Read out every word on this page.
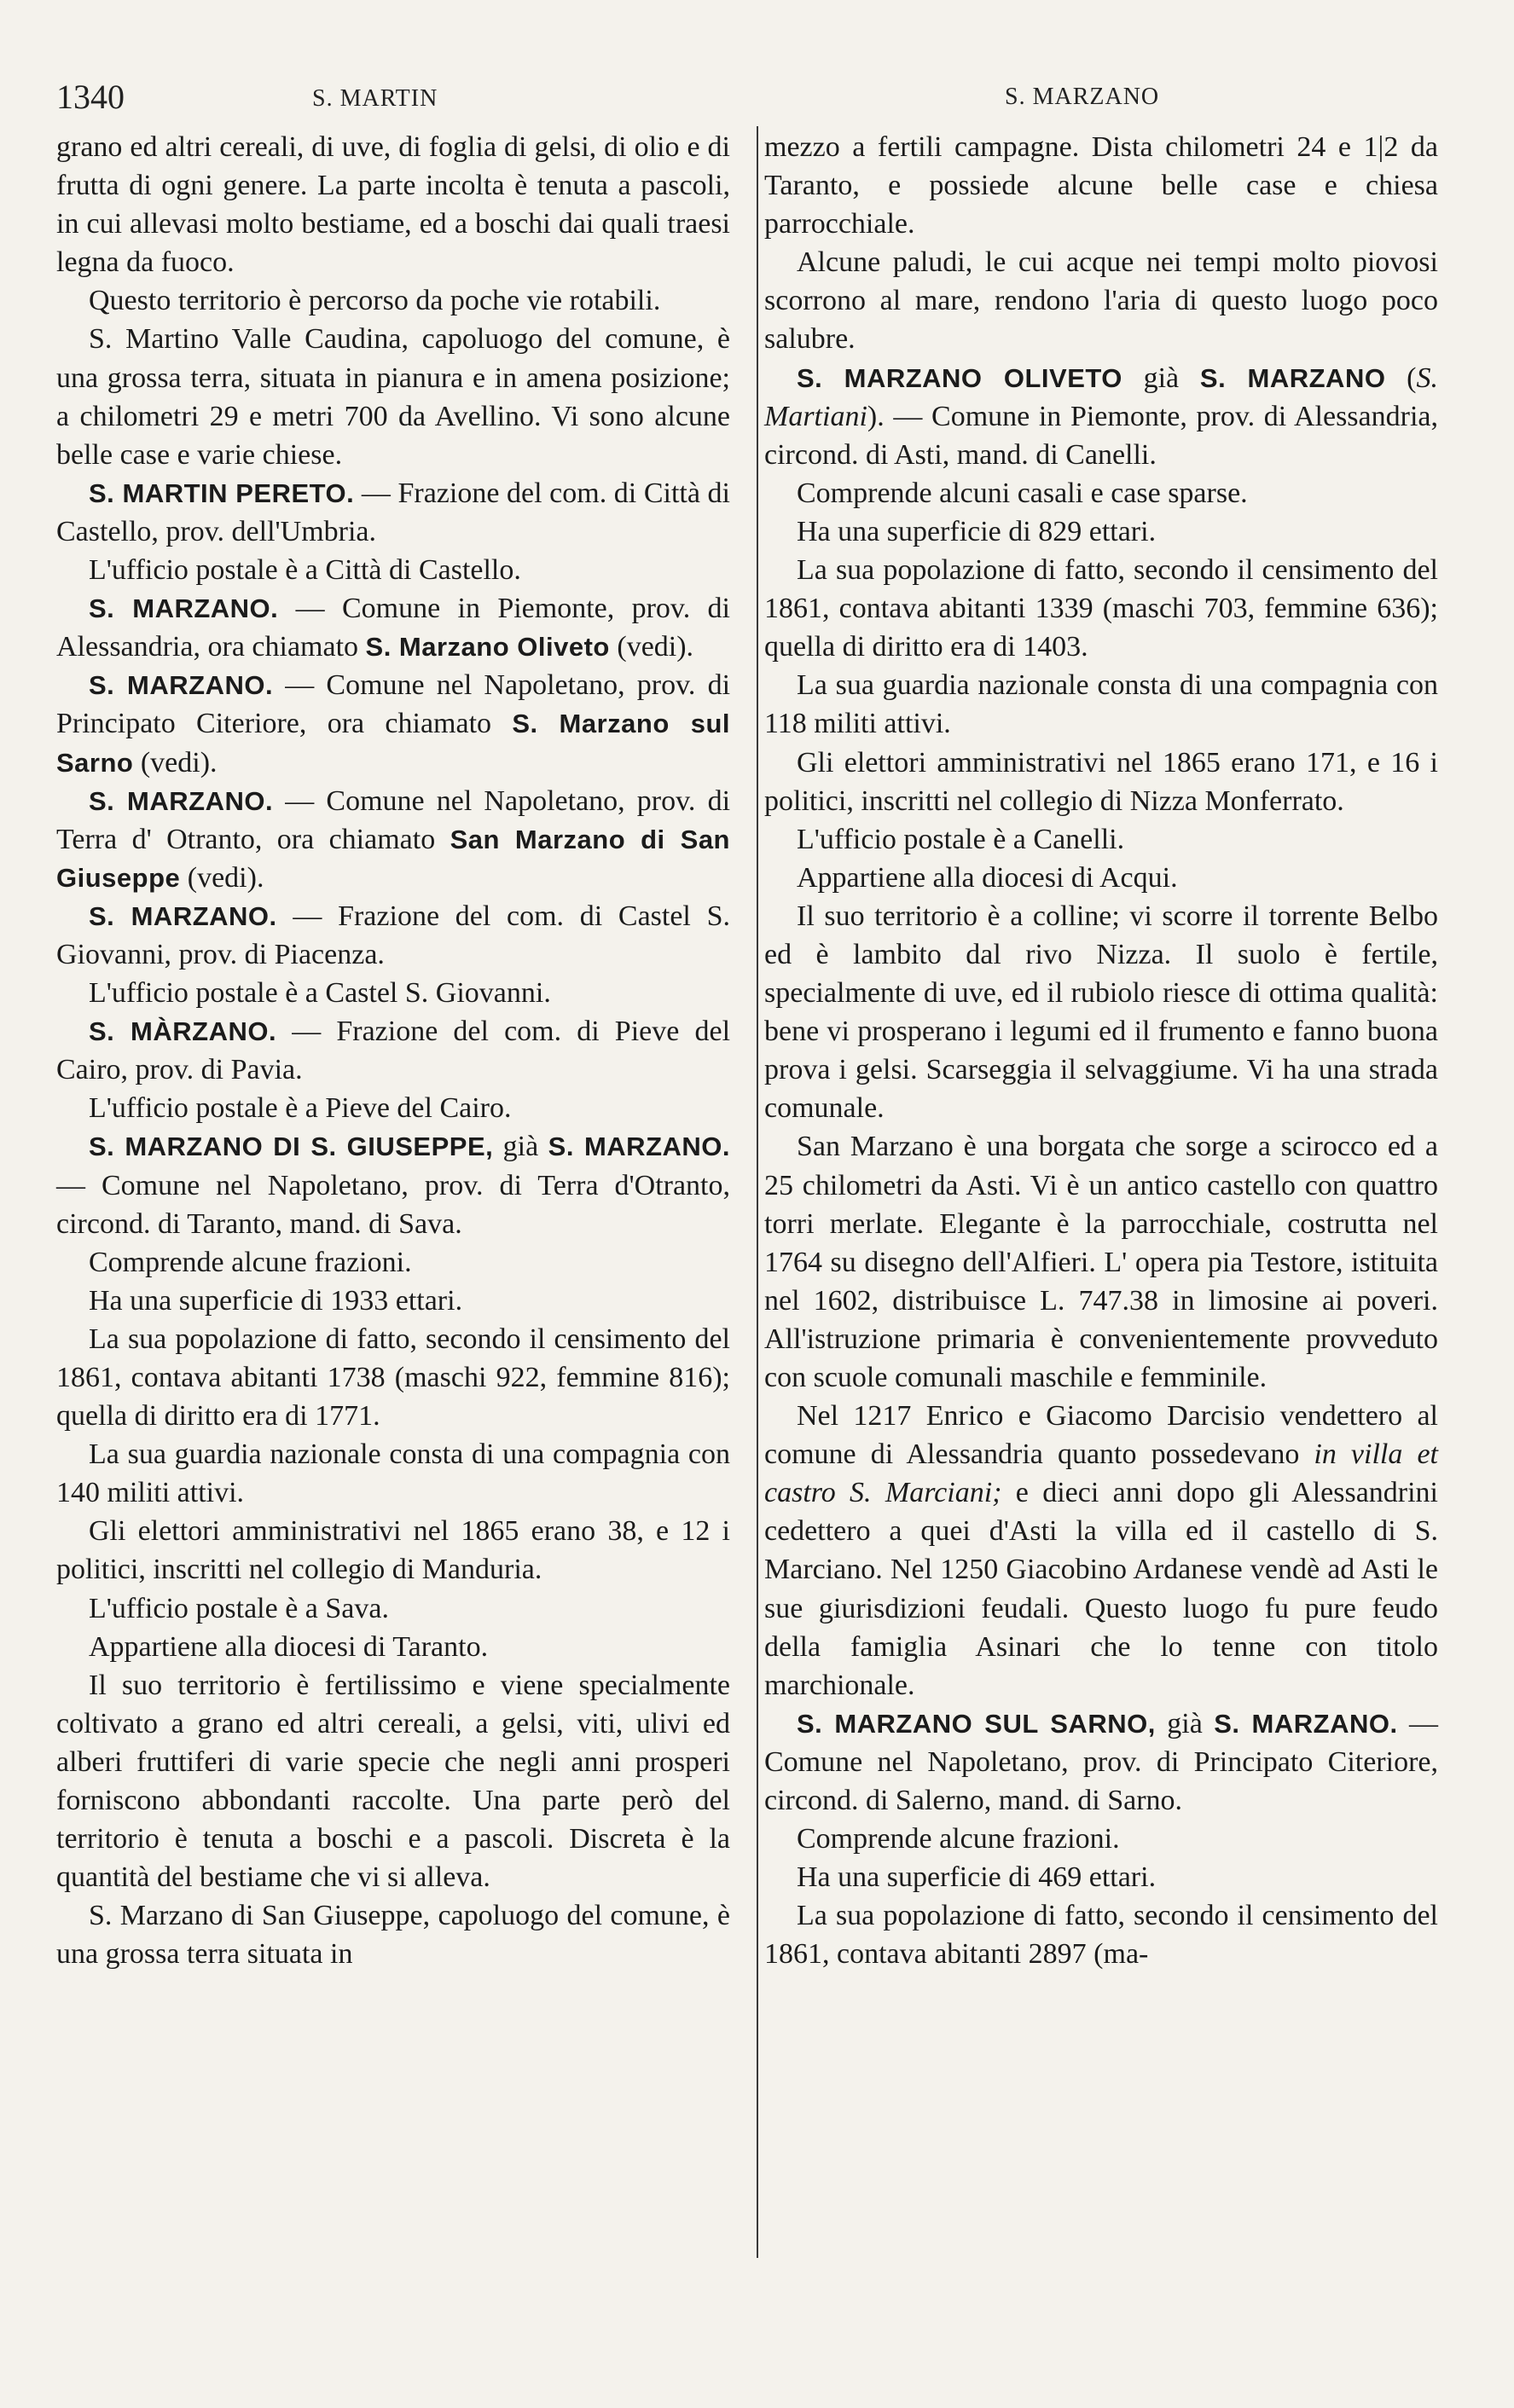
1340	S. MARTIN	S. MARZANO

grano ed altri cereali, di uve, di foglia di gelsi, di olio e di frutta di ogni genere. La parte incolta è tenuta a pascoli, in cui allevasi molto bestiame, ed a boschi dai quali traesi legna da fuoco.

Questo territorio è percorso da poche vie rotabili.

S. Martino Valle Caudina, capoluogo del comune, è una grossa terra, situata in pianura e in amena posizione; a chilometri 29 e metri 700 da Avellino. Vi sono alcune belle case e varie chiese.

S. MARTIN PERETO. — Frazione del com. di Città di Castello, prov. dell'Umbria.

L'ufficio postale è a Città di Castello.

S. MARZANO. — Comune in Piemonte, prov. di Alessandria, ora chiamato S. Marzano Oliveto (vedi).

S. MARZANO. — Comune nel Napoletano, prov. di Principato Citeriore, ora chiamato S. Marzano sul Sarno (vedi).

S. MARZANO. — Comune nel Napoletano, prov. di Terra d' Otranto, ora chiamato San Marzano di San Giuseppe (vedi).

S. MARZANO. — Frazione del com. di Castel S. Giovanni, prov. di Piacenza.

L'ufficio postale è a Castel S. Giovanni.

S. MÀRZANO. — Frazione del com. di Pieve del Cairo, prov. di Pavia.

L'ufficio postale è a Pieve del Cairo.

S. MARZANO DI S. GIUSEPPE, già S. MARZANO. — Comune nel Napoletano, prov. di Terra d'Otranto, circond. di Taranto, mand. di Sava.

Comprende alcune frazioni.

Ha una superficie di 1933 ettari.

La sua popolazione di fatto, secondo il censimento del 1861, contava abitanti 1738 (maschi 922, femmine 816); quella di diritto era di 1771.

La sua guardia nazionale consta di una compagnia con 140 militi attivi.

Gli elettori amministrativi nel 1865 erano 38, e 12 i politici, inscritti nel collegio di Manduria.

L'ufficio postale è a Sava.

Appartiene alla diocesi di Taranto.

Il suo territorio è fertilissimo e viene specialmente coltivato a grano ed altri cereali, a gelsi, viti, ulivi ed alberi fruttiferi di varie specie che negli anni prosperi forniscono abbondanti raccolte. Una parte però del territorio è tenuta a boschi e a pascoli. Discreta è la quantità del bestiame che vi si alleva.

S. Marzano di San Giuseppe, capoluogo del comune, è una grossa terra situata in

mezzo a fertili campagne. Dista chilometri 24 e 1|2 da Taranto, e possiede alcune belle case e chiesa parrocchiale.

Alcune paludi, le cui acque nei tempi molto piovosi scorrono al mare, rendono l'aria di questo luogo poco salubre.

S. MARZANO OLIVETO già S. MARZANO (S. Martiani). — Comune in Piemonte, prov. di Alessandria, circond. di Asti, mand. di Canelli.

Comprende alcuni casali e case sparse.

Ha una superficie di 829 ettari.

La sua popolazione di fatto, secondo il censimento del 1861, contava abitanti 1339 (maschi 703, femmine 636); quella di diritto era di 1403.

La sua guardia nazionale consta di una compagnia con 118 militi attivi.

Gli elettori amministrativi nel 1865 erano 171, e 16 i politici, inscritti nel collegio di Nizza Monferrato.

L'ufficio postale è a Canelli.

Appartiene alla diocesi di Acqui.

Il suo territorio è a colline; vi scorre il torrente Belbo ed è lambito dal rivo Nizza. Il suolo è fertile, specialmente di uve, ed il rubiolo riesce di ottima qualità: bene vi prosperano i legumi ed il frumento e fanno buona prova i gelsi. Scarseggia il selvaggiume. Vi ha una strada comunale.

San Marzano è una borgata che sorge a scirocco ed a 25 chilometri da Asti. Vi è un antico castello con quattro torri merlate. Elegante è la parrocchiale, costrutta nel 1764 su disegno dell'Alfieri. L' opera pia Testore, istituita nel 1602, distribuisce L. 747.38 in limosine ai poveri. All'istruzione primaria è convenientemente provveduto con scuole comunali maschile e femminile.

Nel 1217 Enrico e Giacomo Darcisio vendettero al comune di Alessandria quanto possedevano in villa et castro S. Marciani; e dieci anni dopo gli Alessandrini cedettero a quei d'Asti la villa ed il castello di S. Marciano. Nel 1250 Giacobino Ardanese vendè ad Asti le sue giurisdizioni feudali. Questo luogo fu pure feudo della famiglia Asinari che lo tenne con titolo marchionale.

S. MARZANO SUL SARNO, già S. MARZANO. — Comune nel Napoletano, prov. di Principato Citeriore, circond. di Salerno, mand. di Sarno.

Comprende alcune frazioni.

Ha una superficie di 469 ettari.

La sua popolazione di fatto, secondo il censimento del 1861, contava abitanti 2897 (ma-
